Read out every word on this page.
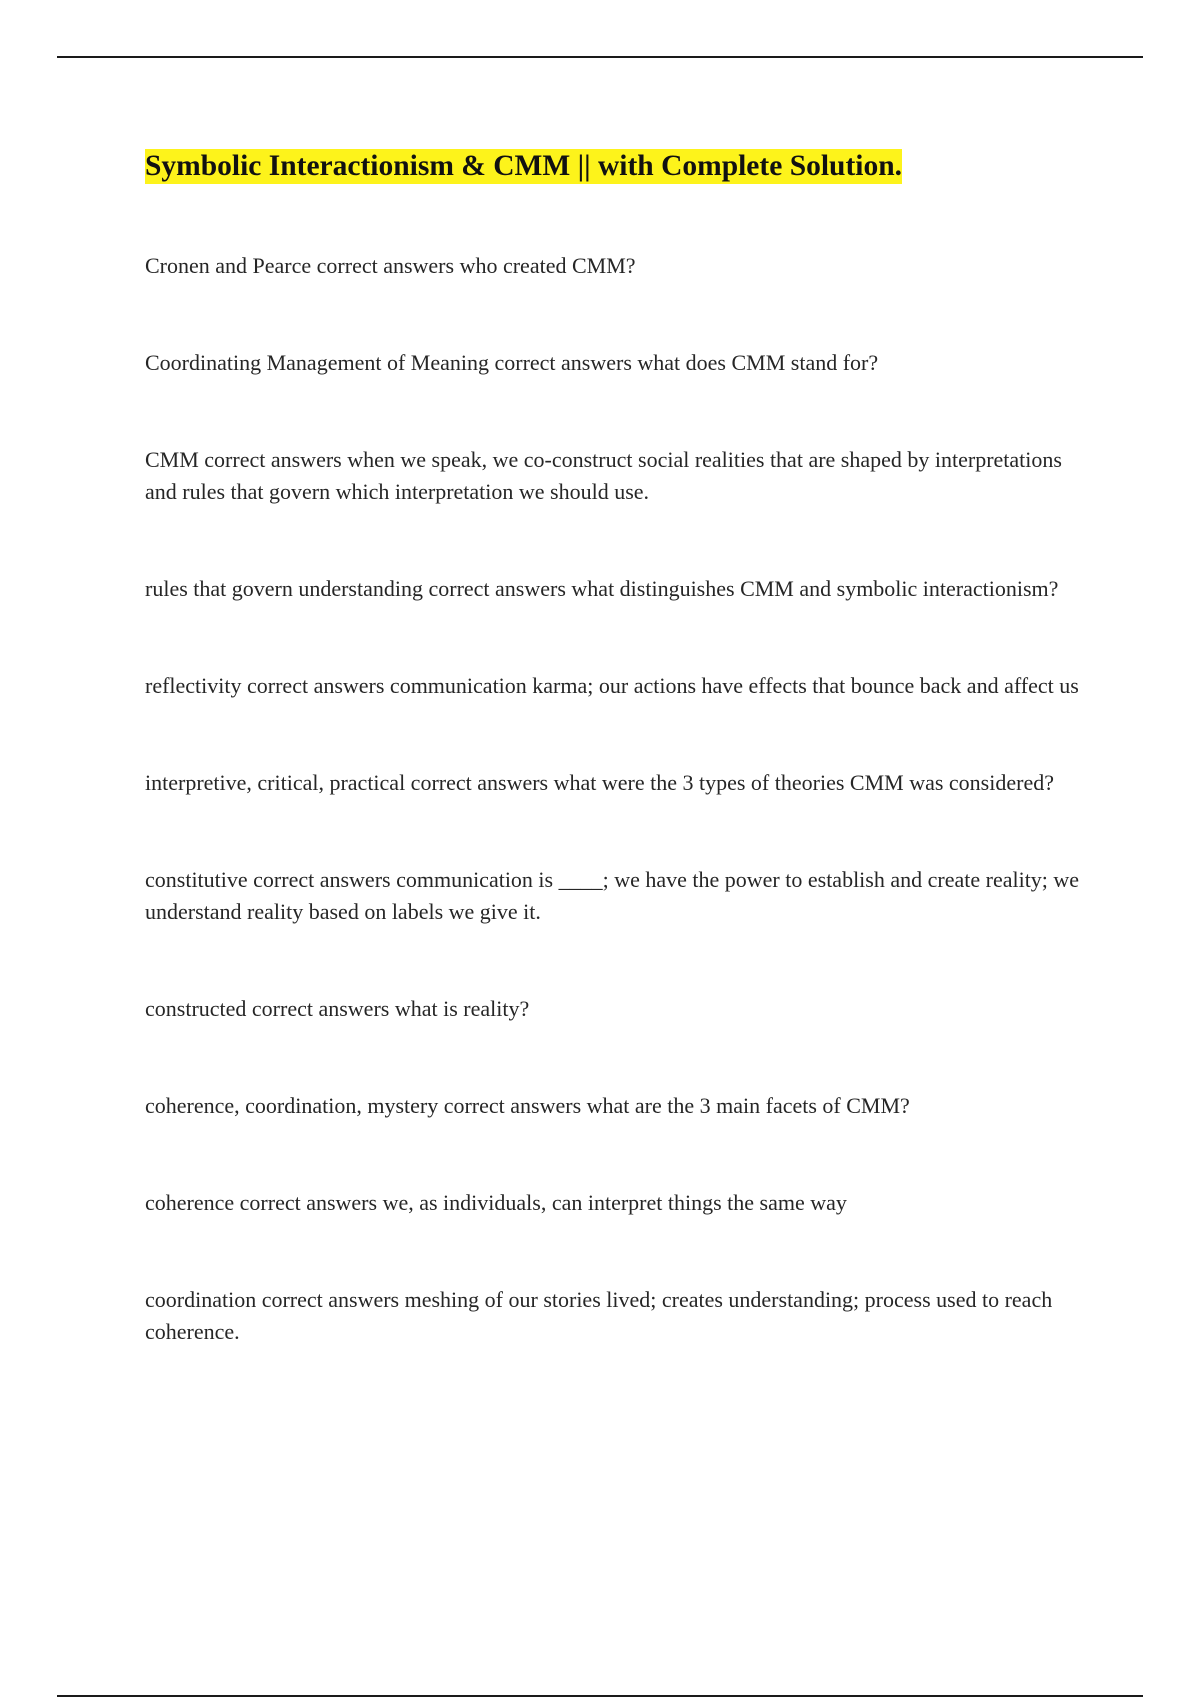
Symbolic Interactionism & CMM || with Complete Solution.

Cronen and Pearce correct answers who created CMM?

Coordinating Management of Meaning correct answers what does CMM stand for?

CMM correct answers when we speak, we co-construct social realities that are shaped by interpretations and rules that govern which interpretation we should use.

rules that govern understanding correct answers what distinguishes CMM and symbolic interactionism?

reflectivity correct answers communication karma; our actions have effects that bounce back and affect us

interpretive, critical, practical correct answers what were the 3 types of theories CMM was considered?

constitutive correct answers communication is ____; we have the power to establish and create reality; we understand reality based on labels we give it.

constructed correct answers what is reality?

coherence, coordination, mystery correct answers what are the 3 main facets of CMM?

coherence correct answers we, as individuals, can interpret things the same way

coordination correct answers meshing of our stories lived; creates understanding; process used to reach coherence.
